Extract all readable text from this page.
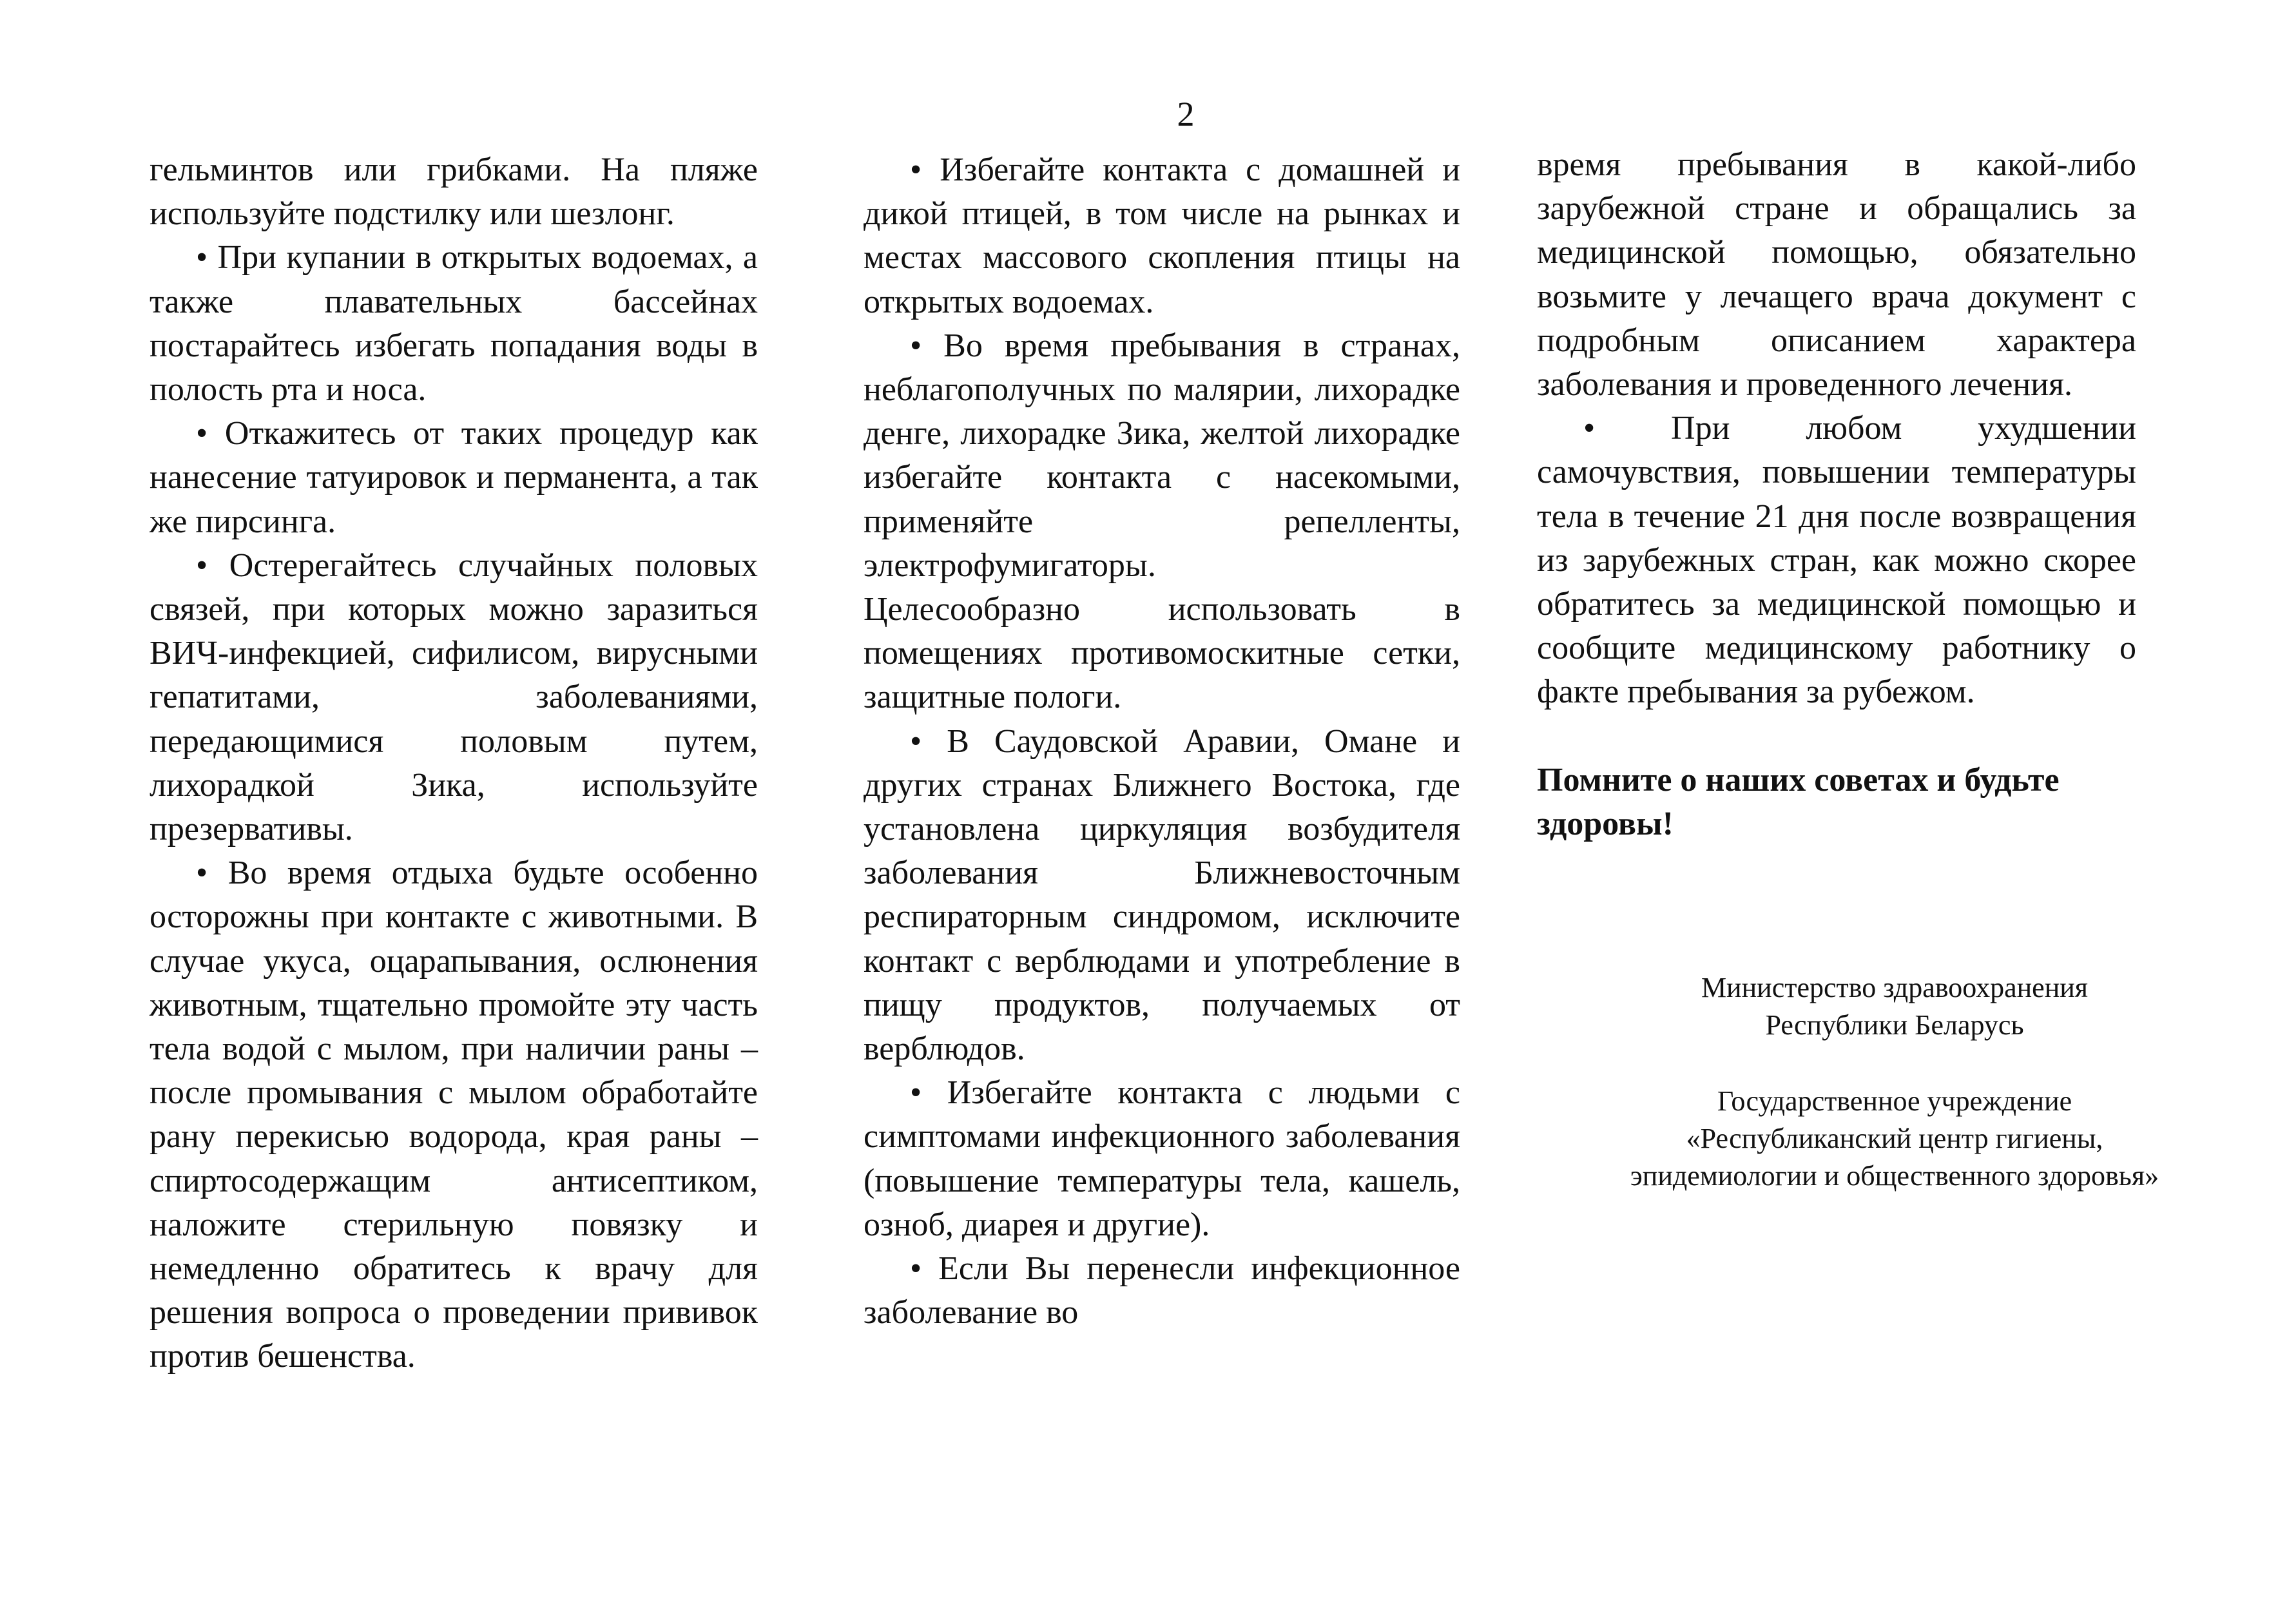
2

гельминтов или грибками. На пляже используйте подстилку или шезлонг.

• При купании в открытых водоемах, а также плавательных бассейнах постарайтесь избегать попадания воды в полость рта и носа.

• Откажитесь от таких процедур как нанесение татуировок и перманента, а так же пирсинга.

• Остерегайтесь случайных половых связей, при которых можно заразиться ВИЧ-инфекцией, сифилисом, вирусными гепатитами, заболеваниями, передающимися половым путем, лихорадкой Зика, используйте презервативы.

• Во время отдыха будьте особенно осторожны при контакте с животными. В случае укуса, оцарапывания, ослюнения животным, тщательно промойте эту часть тела водой с мылом, при наличии раны – после промывания с мылом обработайте рану перекисью водорода, края раны – спиртосодержащим антисептиком, наложите стерильную повязку и немедленно обратитесь к врачу для решения вопроса о проведении прививок против бешенства.

• Избегайте контакта с домашней и дикой птицей, в том числе на рынках и местах массового скопления птицы на открытых водоемах.

• Во время пребывания в странах, неблагополучных по малярии, лихорадке денге, лихорадке Зика, желтой лихорадке избегайте контакта с насекомыми, применяйте репелленты, электрофумигаторы.

Целесообразно использовать в помещениях противомоскитные сетки, защитные пологи.

• В Саудовской Аравии, Омане и других странах Ближнего Востока, где установлена циркуляция возбудителя заболевания Ближневосточным респираторным синдромом, исключите контакт с верблюдами и употребление в пищу продуктов, получаемых от верблюдов.

• Избегайте контакта с людьми с симптомами инфекционного заболевания (повышение температуры тела, кашель, озноб, диарея и другие).

• Если Вы перенесли инфекционное заболевание во

время пребывания в какой-либо зарубежной стране и обращались за медицинской помощью, обязательно возьмите у лечащего врача документ с подробным описанием характера заболевания и проведенного лечения.

• При любом ухудшении самочувствия, повышении температуры тела в течение 21 дня после возвращения из зарубежных стран, как можно скорее обратитесь за медицинской помощью и сообщите медицинскому работнику о факте пребывания за рубежом.

Помните о наших советах и будьте здоровы!

Министерство здравоохранения
Республики Беларусь
Государственное учреждение
«Республиканский центр гигиены,
эпидемиологии и общественного здоровья»
